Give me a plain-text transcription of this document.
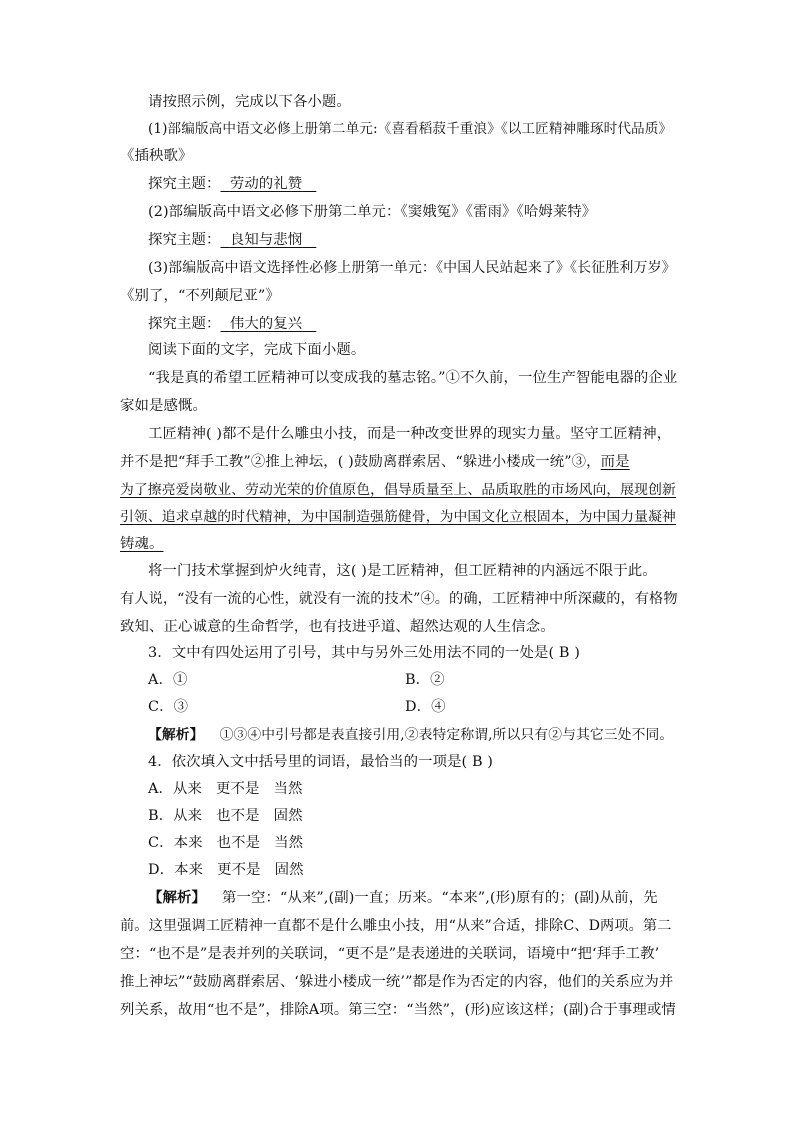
请按照示例，完成以下各小题。
(1)部编版高中语文必修上册第二单元:《喜看稻菽千重浪》《以工匠精神雕琢时代品质》
《插秧歌》
探究主题： 劳动的礼赞
(2)部编版高中语文必修下册第二单元：《窦娥冤》《雷雨》《哈姆莱特》
探究主题： 良知与悲悯
(3)部编版高中语文选择性必修上册第一单元：《中国人民站起来了》《长征胜利万岁》
《别了，“不列颠尼亚”》
探究主题： 伟大的复兴
阅读下面的文字，完成下面小题。
“我是真的希望工匠精神可以变成我的墓志铭。”①不久前，一位生产智能电器的企业
家如是感慨。
工匠精神( )都不是什么雕虫小技，而是一种改变世界的现实力量。坚守工匠精神，
并不是把“拜手工教”②推上神坛，( )鼓励离群索居、“躲进小楼成一统”③，而是
为了擦亮爱岗敬业、劳动光荣的价值原色，倡导质量至上、品质取胜的市场风向，展现创新
引领、追求卓越的时代精神，为中国制造强筋健骨，为中国文化立根固本，为中国力量凝神
铸魂。
将一门技术掌握到炉火纯青，这( )是工匠精神，但工匠精神的内涵远不限于此。
有人说，“没有一流的心性，就没有一流的技术”④。的确，工匠精神中所深藏的，有格物
致知、正心诚意的生命哲学，也有技进乎道、超然达观的人生信念。
3．文中有四处运用了引号，其中与另外三处用法不同的一处是( B )
A．①	B．②
C．③	D．④
【解析】 ①③④中引号都是表直接引用,②表特定称谓,所以只有②与其它三处不同。
4．依次填入文中括号里的词语，最恰当的一项是( B )
A．从来   更不是   当然
B．从来   也不是   固然
C．本来   也不是   当然
D．本来   更不是   固然
【解析】 第一空：“从来”,(副)一直；历来。“本来”,(形)原有的；(副)从前，先
前。这里强调工匠精神一直都不是什么雕虫小技，用“从来”合适，排除C、D两项。第二
空：“也不是”是表并列的关联词，“更不是”是表递进的关联词，语境中“把‘拜手工教’
推上神坛”“鼓励离群索居、‘躲进小楼成一统’”都是作为否定的内容，他们的关系应为并
列关系，故用“也不是”，排除A项。第三空：“当然”，(形)应该这样；(副)合于事理或情
